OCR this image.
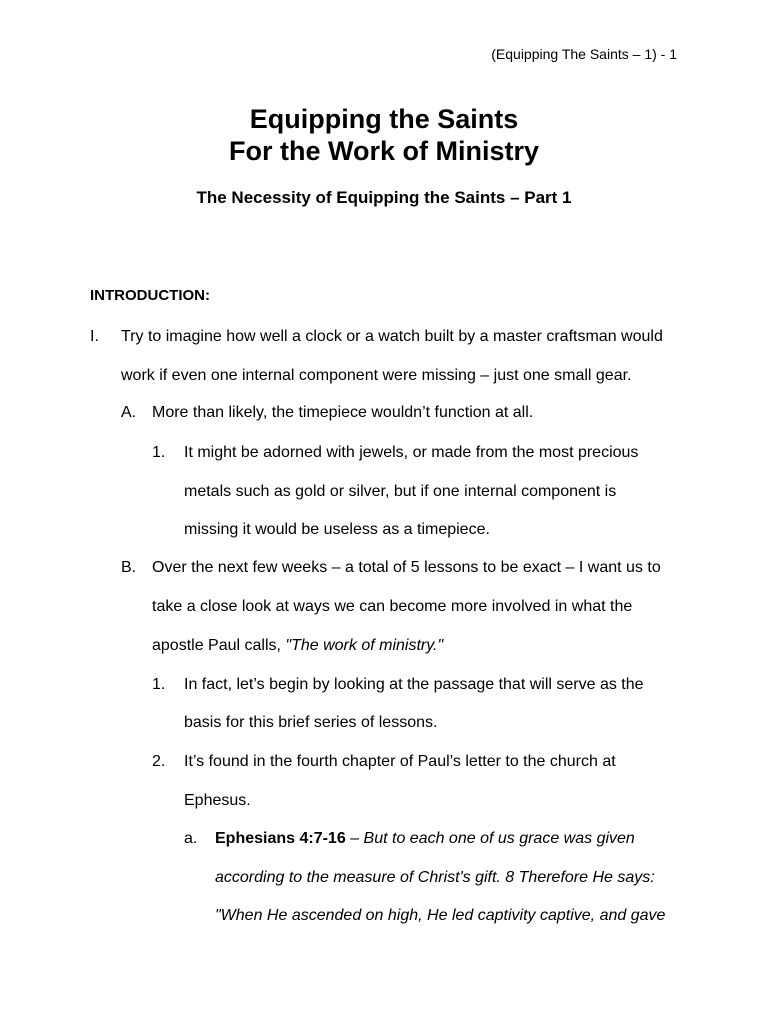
(Equipping The Saints – 1) - 1
Equipping the Saints
For the Work of Ministry
The Necessity of Equipping the Saints – Part 1
INTRODUCTION:
I. Try to imagine how well a clock or a watch built by a master craftsman would
work if even one internal component were missing – just one small gear.
A. More than likely, the timepiece wouldn’t function at all.
1. It might be adorned with jewels, or made from the most precious
metals such as gold or silver, but if one internal component is
missing it would be useless as a timepiece.
B. Over the next few weeks – a total of 5 lessons to be exact – I want us to
take a close look at ways we can become more involved in what the
apostle Paul calls, "The work of ministry."
1. In fact, let’s begin by looking at the passage that will serve as the
basis for this brief series of lessons.
2. It’s found in the fourth chapter of Paul’s letter to the church at
Ephesus.
a. Ephesians 4:7-16 – But to each one of us grace was given
according to the measure of Christ's gift. 8 Therefore He says:
"When He ascended on high, He led captivity captive, and gave
